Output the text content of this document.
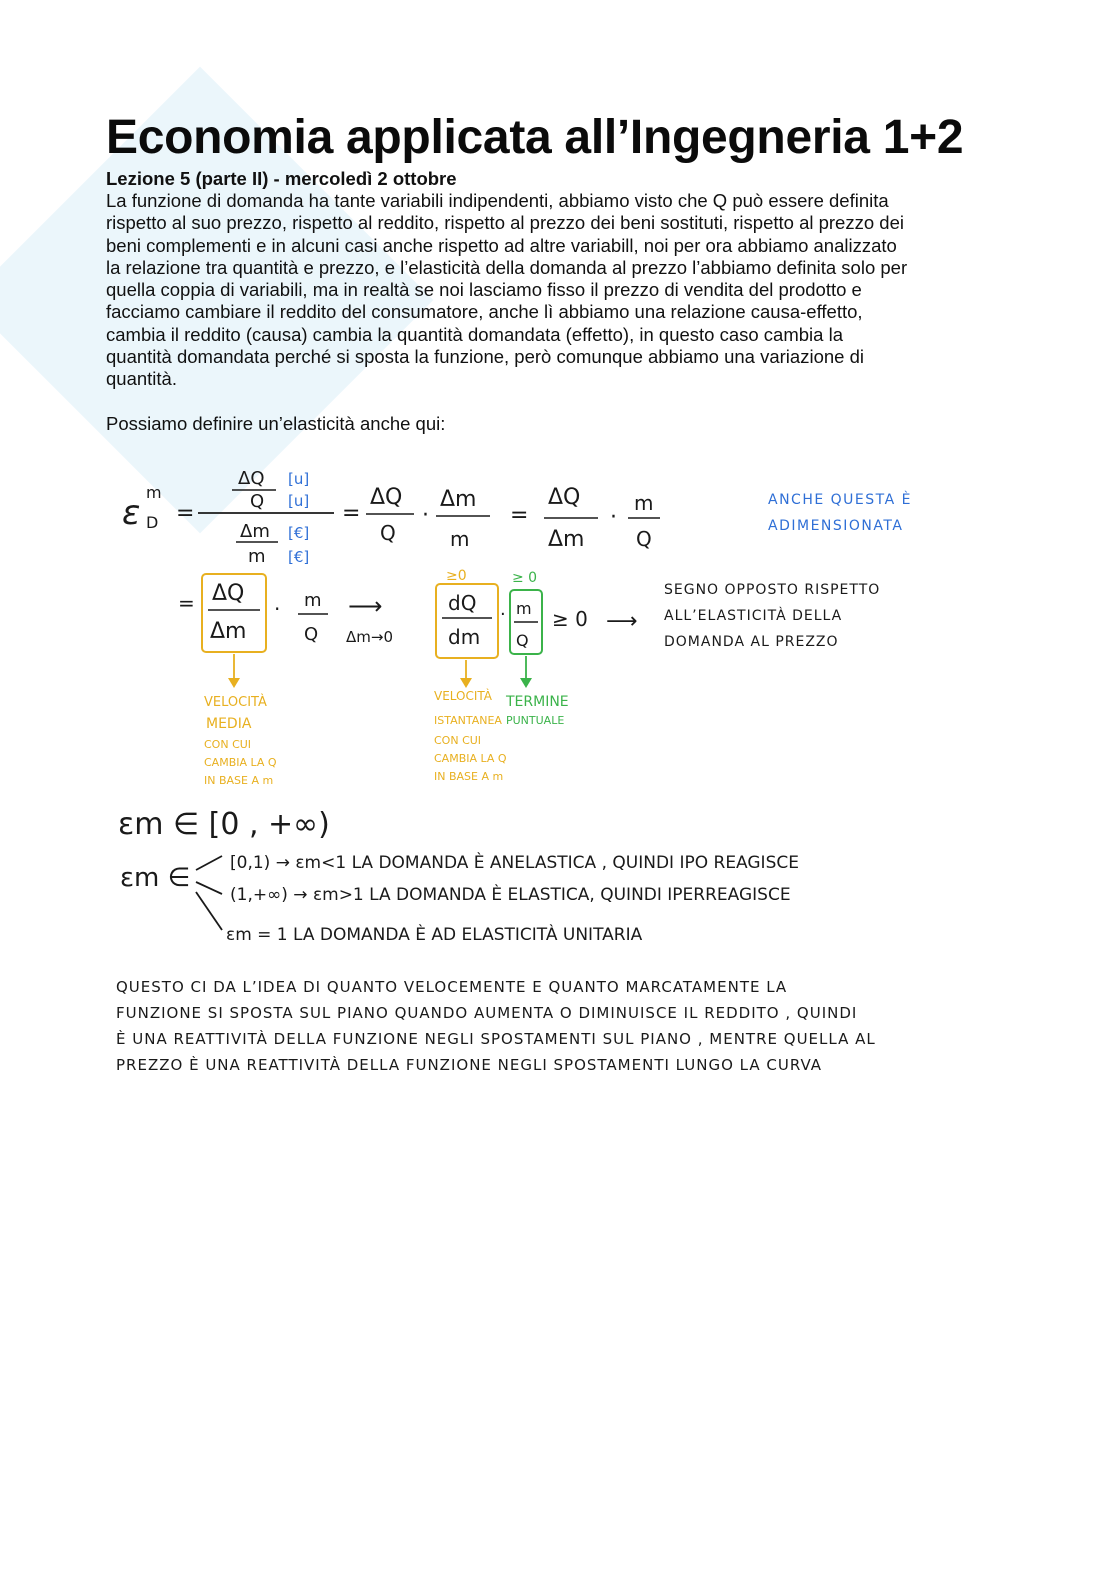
Economia applicata all’Ingegneria 1+2
Lezione 5 (parte II) - mercoledì 2 ottobre

La funzione di domanda ha tante variabili indipendenti, abbiamo visto che Q può essere definita
rispetto al suo prezzo, rispetto al reddito, rispetto al prezzo dei beni sostituti, rispetto al prezzo dei
beni complementi e in alcuni casi anche rispetto ad altre variabill, noi per ora abbiamo analizzato
la relazione tra quantità e prezzo, e l’elasticità della domanda al prezzo l’abbiamo definita solo per
quella coppia di variabili, ma in realtà se noi lasciamo fisso il prezzo di vendita del prodotto e
facciamo cambiare il reddito del consumatore, anche lì abbiamo una relazione causa-effetto,
cambia il reddito (causa) cambia la quantità domandata (effetto), in questo caso cambia la
quantità domandata perché si sposta la funzione, però comunque abbiamo una variazione di
quantità.

Possiamo definire un’elasticità anche qui:
ε
m
D =
ΔQ
Q
[u]
[u]
Δm
m
[€]
[€]
=
ΔQ
Q
·
Δm
m
=
ΔQ
Δm
·
m
Q
ANCHE QUESTA È
ADIMENSIONATA
= ΔQ
Δm
· m
Q
⟶
Δm→0
≥0
dQ
dm
·
≥ 0
m
Q
≥ 0 ⟶
SEGNO OPPOSTO RISPETTO
ALL’ELASTICITÀ DELLA
DOMANDA AL PREZZO
VELOCITÀ
MEDIA
CON CUI
CAMBIA LA Q
IN BASE A m
VELOCITÀ
ISTANTANEA
CON CUI
CAMBIA LA Q
IN BASE A m
TERMINE
PUNTUALE
εm ∈ [0 , +∞)
εm ∈ [0,1) → εm<1 LA DOMANDA È ANELASTICA , QUINDI IPO REAGISCE
(1,+∞) → εm>1 LA DOMANDA È ELASTICA, QUINDI IPERREAGISCE
εm = 1 LA DOMANDA È AD ELASTICITÀ UNITARIA
QUESTO CI DA L’IDEA DI QUANTO VELOCEMENTE E QUANTO MARCATAMENTE LA
FUNZIONE SI SPOSTA SUL PIANO QUANDO AUMENTA O DIMINUISCE IL REDDITO , QUINDI
È UNA REATTIVITÀ DELLA FUNZIONE NEGLI SPOSTAMENTI SUL PIANO , MENTRE QUELLA AL
PREZZO È UNA REATTIVITÀ DELLA FUNZIONE NEGLI SPOSTAMENTI LUNGO LA CURVA
